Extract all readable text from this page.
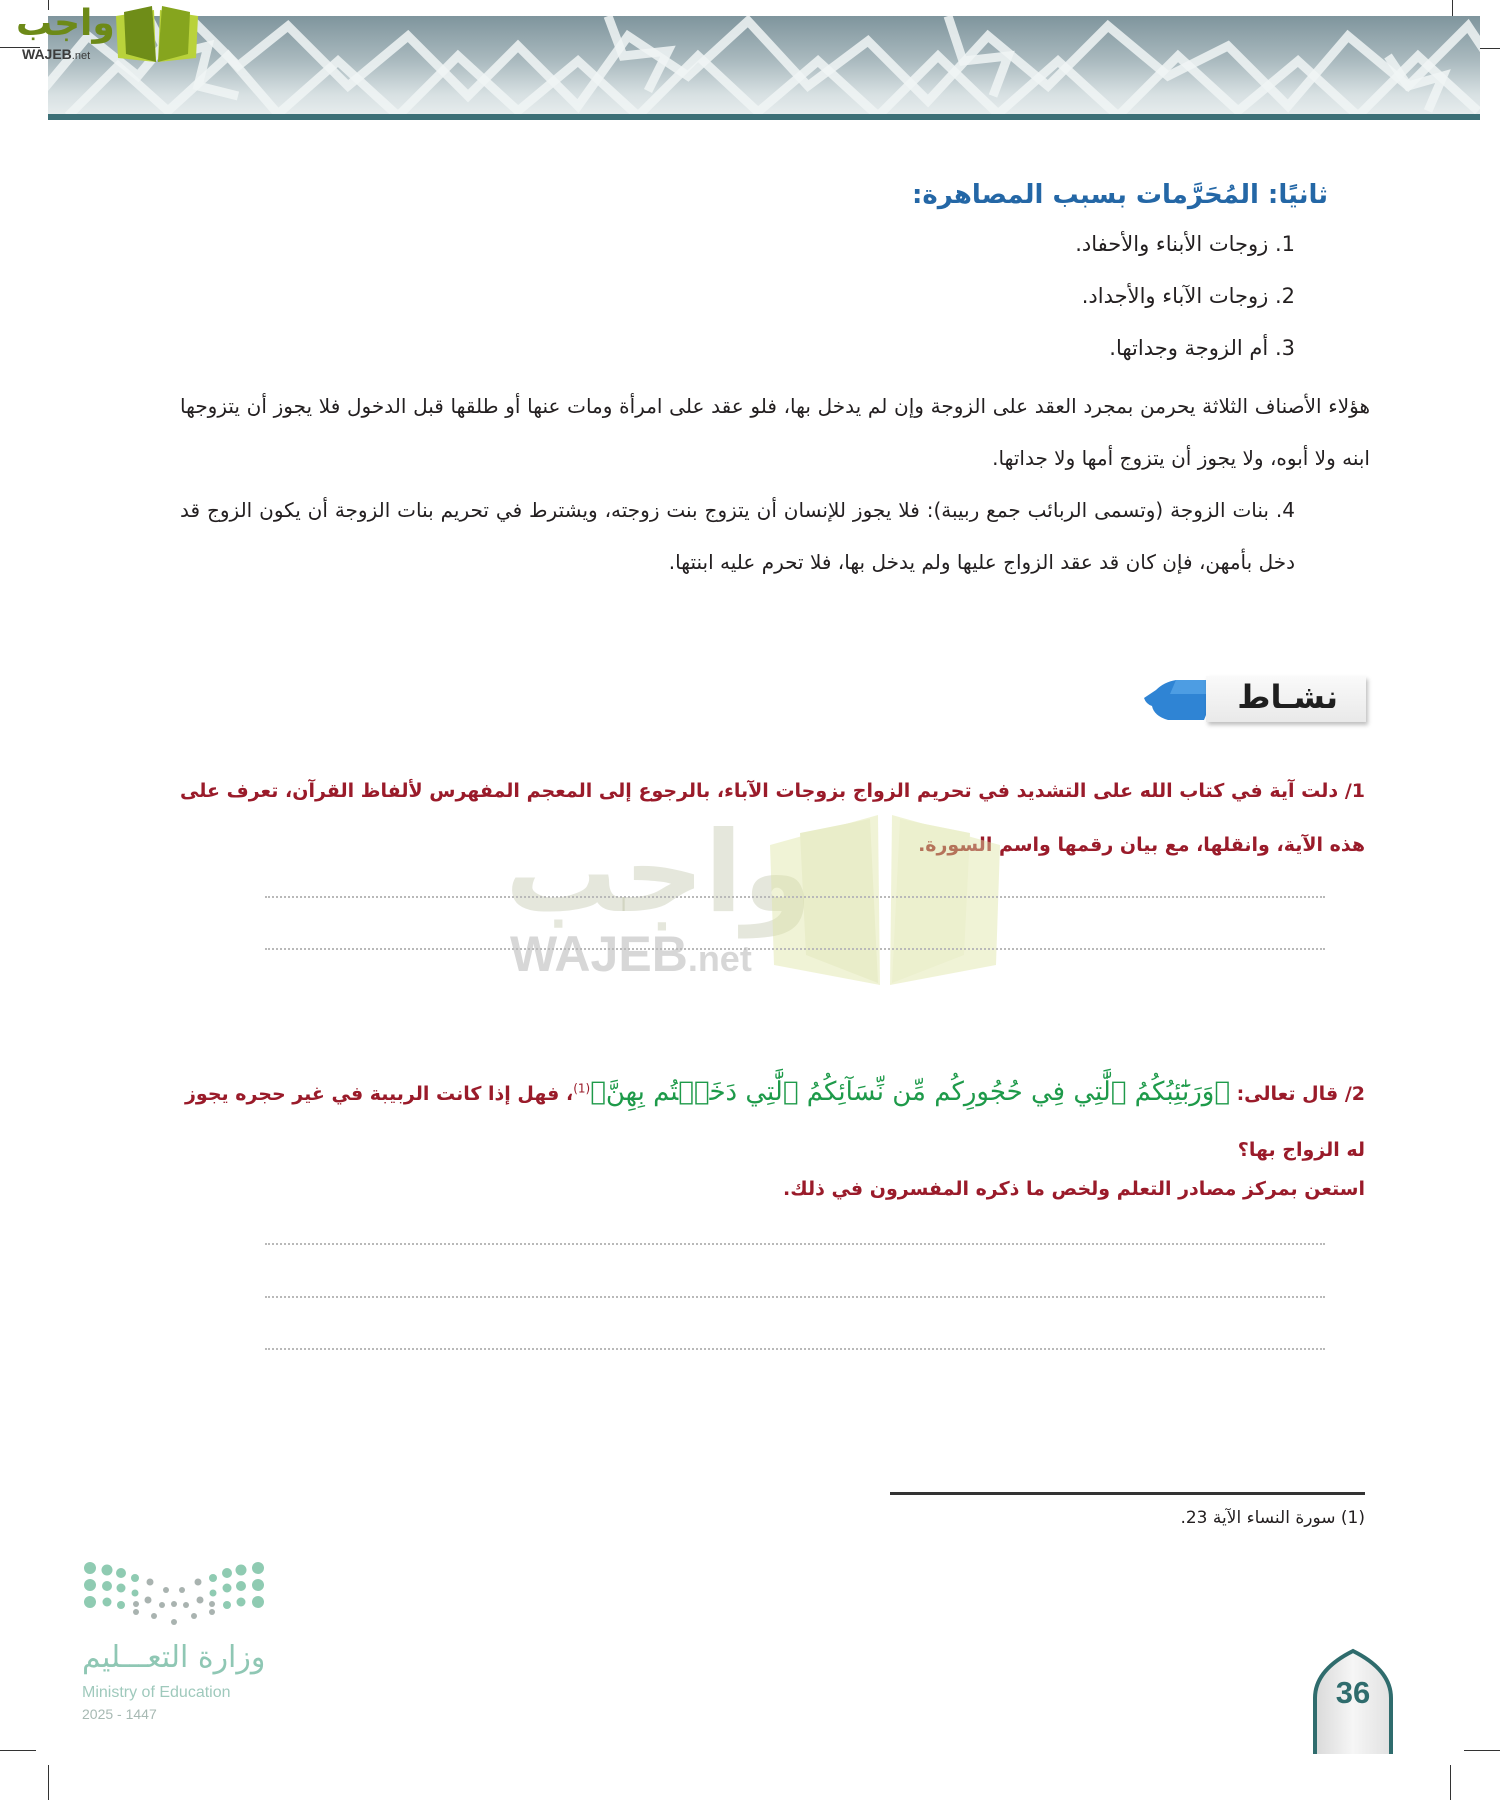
واجب
WAJEB.net
ثانيًا: المُحَرَّمات بسبب المصاهرة:
1. زوجات الأبناء والأحفاد.
2. زوجات الآباء والأجداد.
3. أم الزوجة وجداتها.
هؤلاء الأصناف الثلاثة يحرمن بمجرد العقد على الزوجة وإن لم يدخل بها، فلو عقد على امرأة ومات عنها أو طلقها قبل الدخول فلا يجوز أن يتزوجها ابنه ولا أبوه، ولا يجوز أن يتزوج أمها ولا جداتها.
4. بنات الزوجة (وتسمى الربائب جمع ربيبة): فلا يجوز للإنسان أن يتزوج بنت زوجته، ويشترط في تحريم بنات الزوجة أن يكون الزوج قد دخل بأمهن، فإن كان قد عقد الزواج عليها ولم يدخل بها، فلا تحرم عليه ابنتها.
نشـاط
1/ دلت آية في كتاب الله على التشديد في تحريم الزواج بزوجات الآباء، بالرجوع إلى المعجم المفهرس لألفاظ القرآن، تعرف على هذه الآية، وانقلها، مع بيان رقمها واسم السورة.
واجب
WAJEB.net
2/ قال تعالى: ﴿وَرَبَٰٓئِبُكُمُ ٱلَّٰتِي فِي حُجُورِكُم مِّن نِّسَآئِكُمُ ٱلَّٰتِي دَخَلۡتُم بِهِنَّ﴾$^{(1)}$، فهل إذا كانت الربيبة في غير حجره يجوز له الزواج بها؟
استعن بمركز مصادر التعلم ولخص ما ذكره المفسرون في ذلك.
(1) سورة النساء الآية 23.
وزارة التعـــليم
Ministry of Education
2025 - 1447
36
